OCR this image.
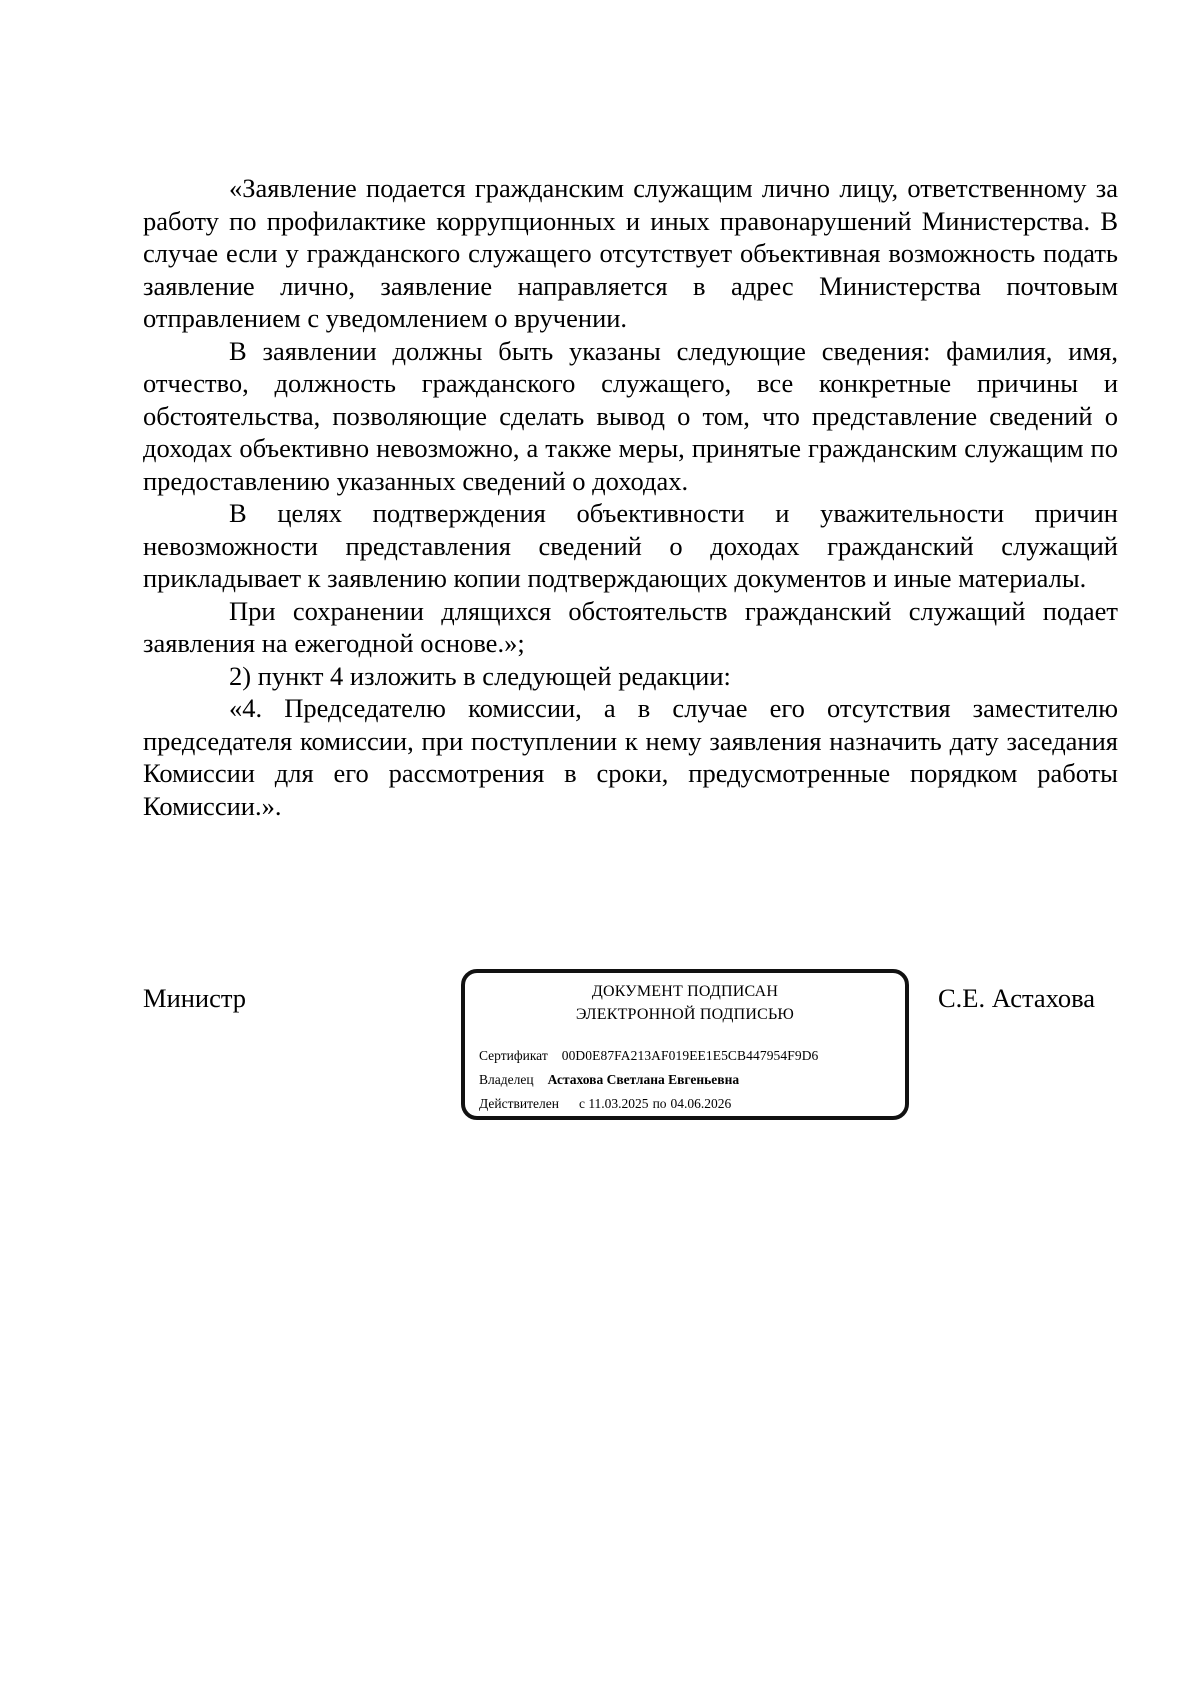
«Заявление подается гражданским служащим лично лицу, ответственному за работу по профилактике коррупционных и иных правонарушений Министерства. В случае если у гражданского служащего отсутствует объективная возможность подать заявление лично, заявление направляется в адрес Министерства почтовым отправлением с уведомлением о вручении.

В заявлении должны быть указаны следующие сведения: фамилия, имя, отчество, должность гражданского служащего, все конкретные причины и обстоятельства, позволяющие сделать вывод о том, что представление сведений о доходах объективно невозможно, а также меры, принятые гражданским служащим по предоставлению указанных сведений о доходах.

В целях подтверждения объективности и уважительности причин невозможности представления сведений о доходах гражданский служащий прикладывает к заявлению копии подтверждающих документов и иные материалы.

При сохранении длящихся обстоятельств гражданский служащий подает заявления на ежегодной основе.»;

2) пункт 4 изложить в следующей редакции:

«4. Председателю комиссии, а в случае его отсутствия заместителю председателя комиссии, при поступлении к нему заявления назначить дату заседания Комиссии для его рассмотрения в сроки, предусмотренные порядком работы Комиссии.».

Министр	ДОКУМЕНТ ПОДПИСАН
ЭЛЕКТРОННОЙ ПОДПИСЬЮ
Сертификат 00D0E87FA213AF019EE1E5CB447954F9D6
Владелец Астахова Светлана Евгеньевна
Действителен с 11.03.2025 по 04.06.2026
С.Е. Астахова
